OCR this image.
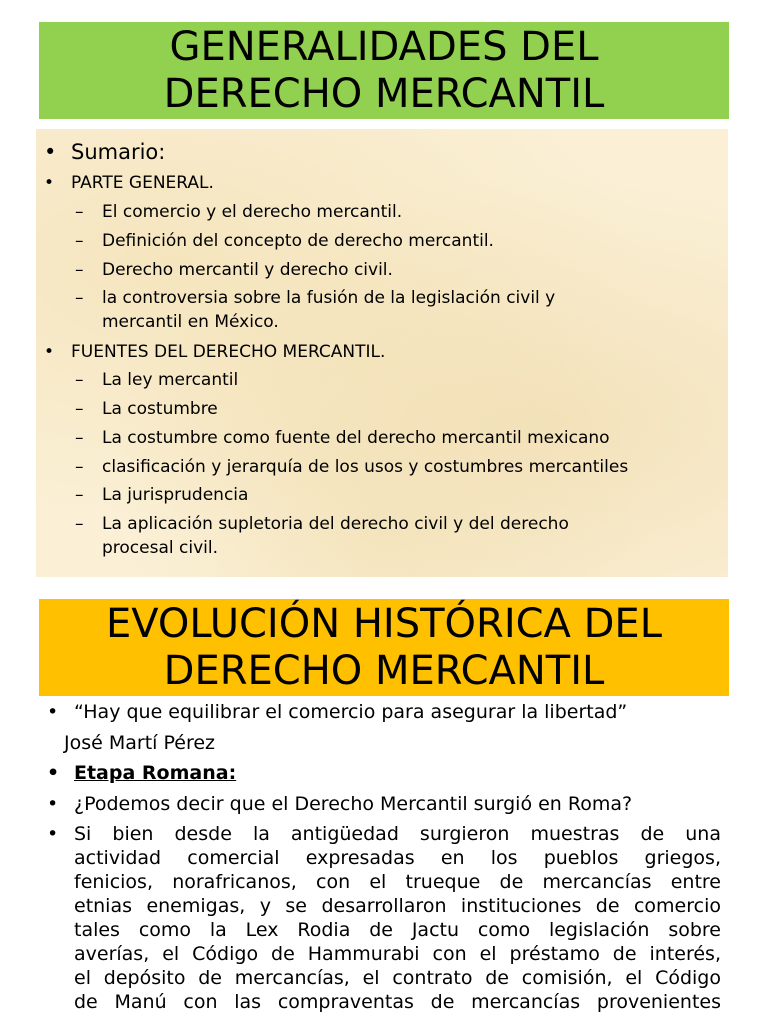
GENERALIDADES DEL
DERECHO MERCANTIL
• Sumario:
• PARTE GENERAL.
– El comercio y el derecho mercantil.
– Definición del concepto de derecho mercantil.
– Derecho mercantil y derecho civil.
– la controversia sobre la fusión de la legislación civil y
mercantil en México.
• FUENTES DEL DERECHO MERCANTIL.
– La ley mercantil
– La costumbre
– La costumbre como fuente del derecho mercantil mexicano
– clasificación y jerarquía de los usos y costumbres mercantiles
– La jurisprudencia
– La aplicación supletoria del derecho civil y del derecho
procesal civil.
EVOLUCIÓN HISTÓRICA DEL
DERECHO MERCANTIL
• “Hay que equilibrar el comercio para asegurar la libertad”
José Martí Pérez
• Etapa Romana:
• ¿Podemos decir que el Derecho Mercantil surgió en Roma?
• Si bien desde la antigüedad surgieron muestras de una
actividad comercial expresadas en los pueblos griegos,
fenicios, norafricanos, con el trueque de mercancías entre
etnias enemigas, y se desarrollaron instituciones de comercio
tales como la Lex Rodia de Jactu como legislación sobre
averías, el Código de Hammurabi con el préstamo de interés,
el depósito de mercancías, el contrato de comisión, el Código
de Manú con las compraventas de mercancías provenientes
